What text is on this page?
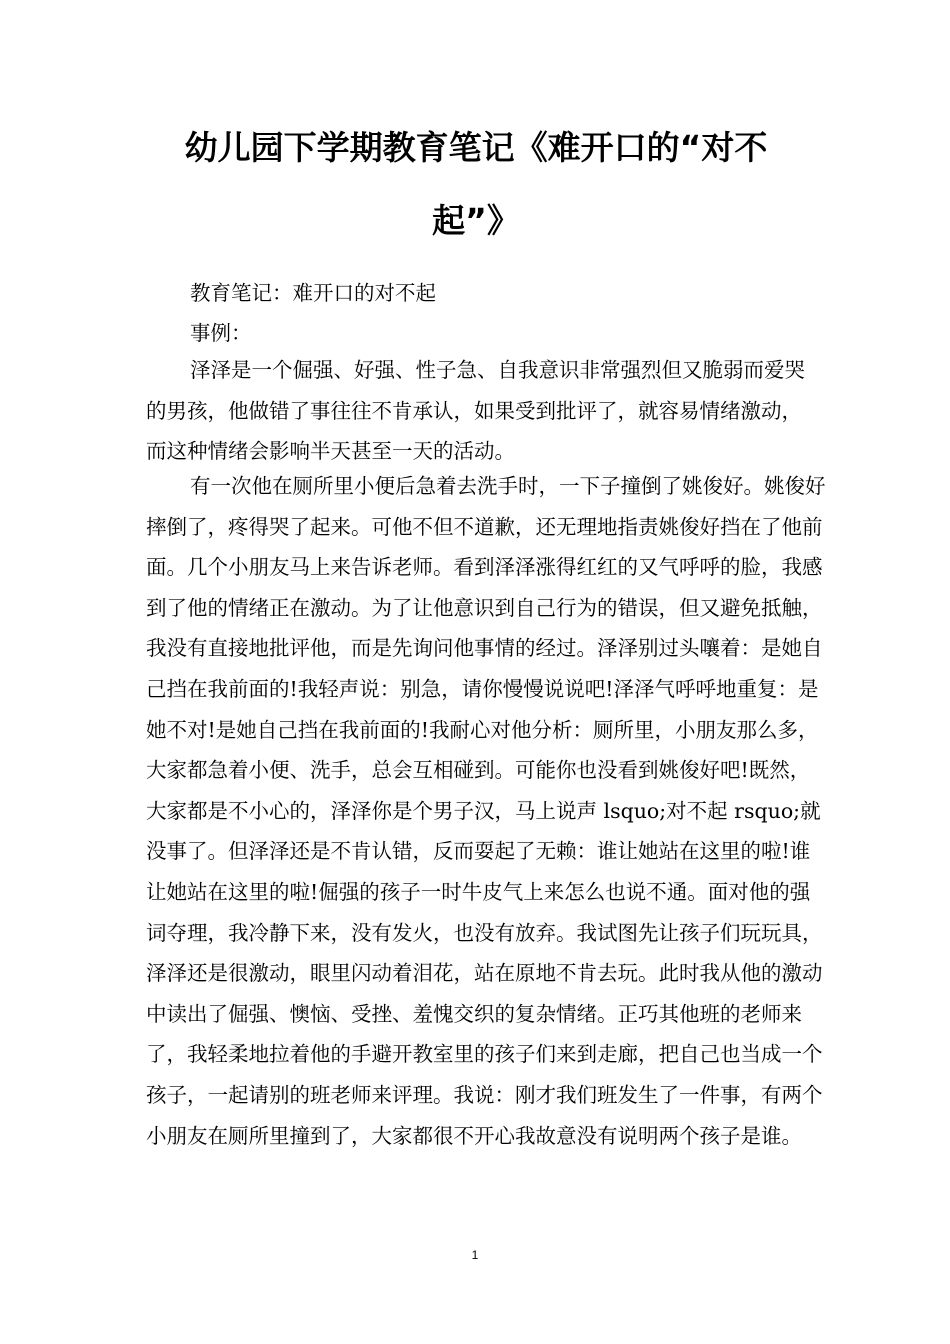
幼儿园下学期教育笔记《难开口的“对不
起”》

教育笔记：难开口的对不起

事例：

泽泽是一个倔强、好强、性子急、自我意识非常强烈但又脆弱而爱哭的男孩，他做错了事往往不肯承认，如果受到批评了，就容易情绪激动，而这种情绪会影响半天甚至一天的活动。

有一次他在厕所里小便后急着去洗手时，一下子撞倒了姚俊好。姚俊好摔倒了，疼得哭了起来。可他不但不道歉，还无理地指责姚俊好挡在了他前面。几个小朋友马上来告诉老师。看到泽泽涨得红红的又气呼呼的脸，我感到了他的情绪正在激动。为了让他意识到自己行为的错误，但又避免抵触，我没有直接地批评他，而是先询问他事情的经过。泽泽别过头嚷着：是她自己挡在我前面的!我轻声说：别急，请你慢慢说说吧!泽泽气呼呼地重复：是她不对!是她自己挡在我前面的!我耐心对他分析：厕所里，小朋友那么多，大家都急着小便、洗手，总会互相碰到。可能你也没看到姚俊好吧!既然，大家都是不小心的，泽泽你是个男子汉，马上说声 lsquo;对不起 rsquo;就没事了。但泽泽还是不肯认错，反而耍起了无赖：谁让她站在这里的啦!谁让她站在这里的啦!倔强的孩子一时牛皮气上来怎么也说不通。面对他的强词夺理，我冷静下来，没有发火，也没有放弃。我试图先让孩子们玩玩具，泽泽还是很激动，眼里闪动着泪花，站在原地不肯去玩。此时我从他的激动中读出了倔强、懊恼、受挫、羞愧交织的复杂情绪。正巧其他班的老师来了，我轻柔地拉着他的手避开教室里的孩子们来到走廊，把自己也当成一个孩子，一起请别的班老师来评理。我说：刚才我们班发生了一件事，有两个小朋友在厕所里撞到了，大家都很不开心我故意没有说明两个孩子是谁。

1
